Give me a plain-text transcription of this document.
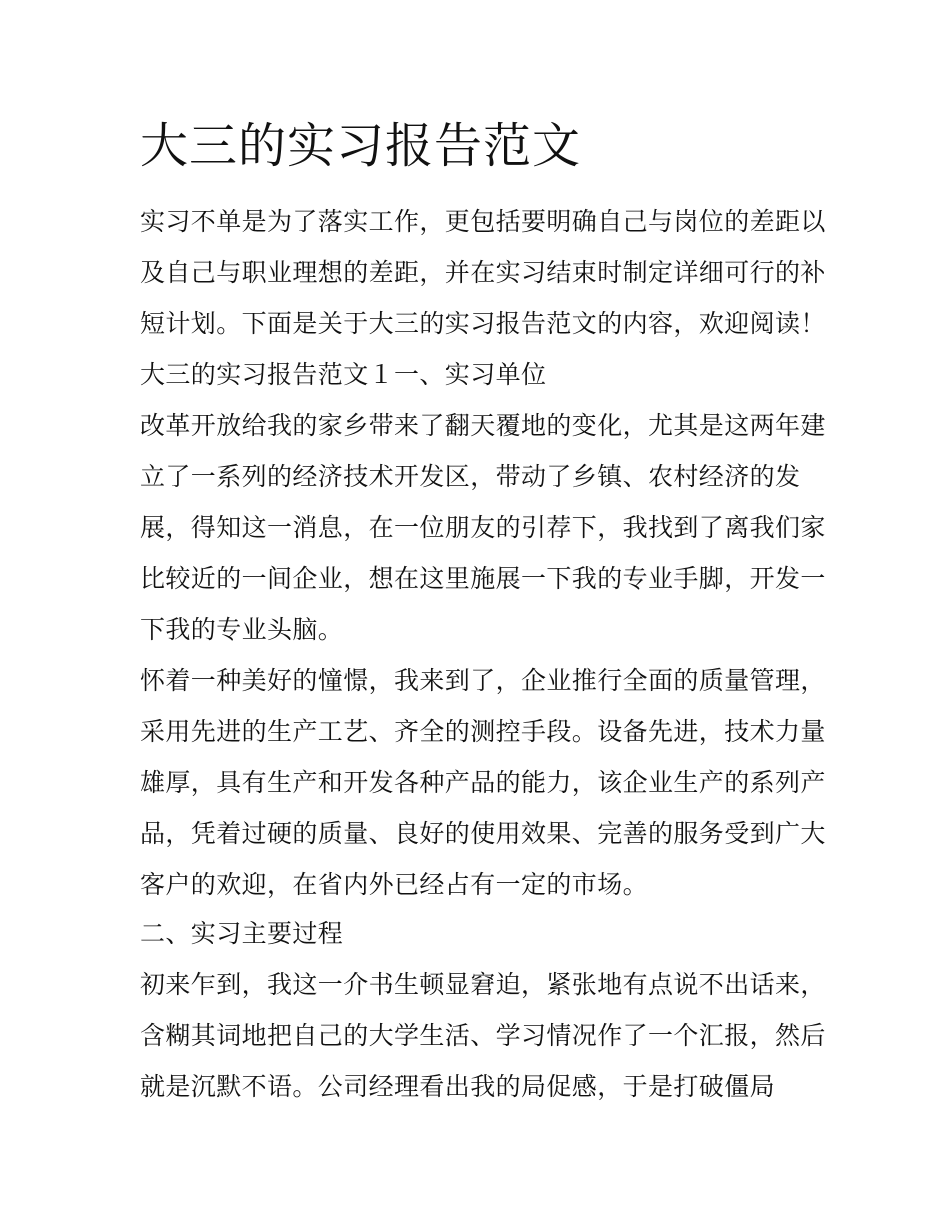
大三的实习报告范文

实习不单是为了落实工作，更包括要明确自己与岗位的差距以

及自己与职业理想的差距，并在实习结束时制定详细可行的补

短计划。下面是关于大三的实习报告范文的内容，欢迎阅读！

大三的实习报告范文１一、实习单位

改革开放给我的家乡带来了翻天覆地的变化，尤其是这两年建

立了一系列的经济技术开发区，带动了乡镇、农村经济的发

展，得知这一消息，在一位朋友的引荐下，我找到了离我们家

比较近的一间企业，想在这里施展一下我的专业手脚，开发一

下我的专业头脑。

怀着一种美好的憧憬，我来到了，企业推行全面的质量管理，

采用先进的生产工艺、齐全的测控手段。设备先进，技术力量

雄厚，具有生产和开发各种产品的能力，该企业生产的系列产

品，凭着过硬的质量、良好的使用效果、完善的服务受到广大

客户的欢迎，在省内外已经占有一定的市场。

二、实习主要过程

初来乍到，我这一介书生顿显窘迫，紧张地有点说不出话来，

含糊其词地把自己的大学生活、学习情况作了一个汇报，然后

就是沉默不语。公司经理看出我的局促感，于是打破僵局
